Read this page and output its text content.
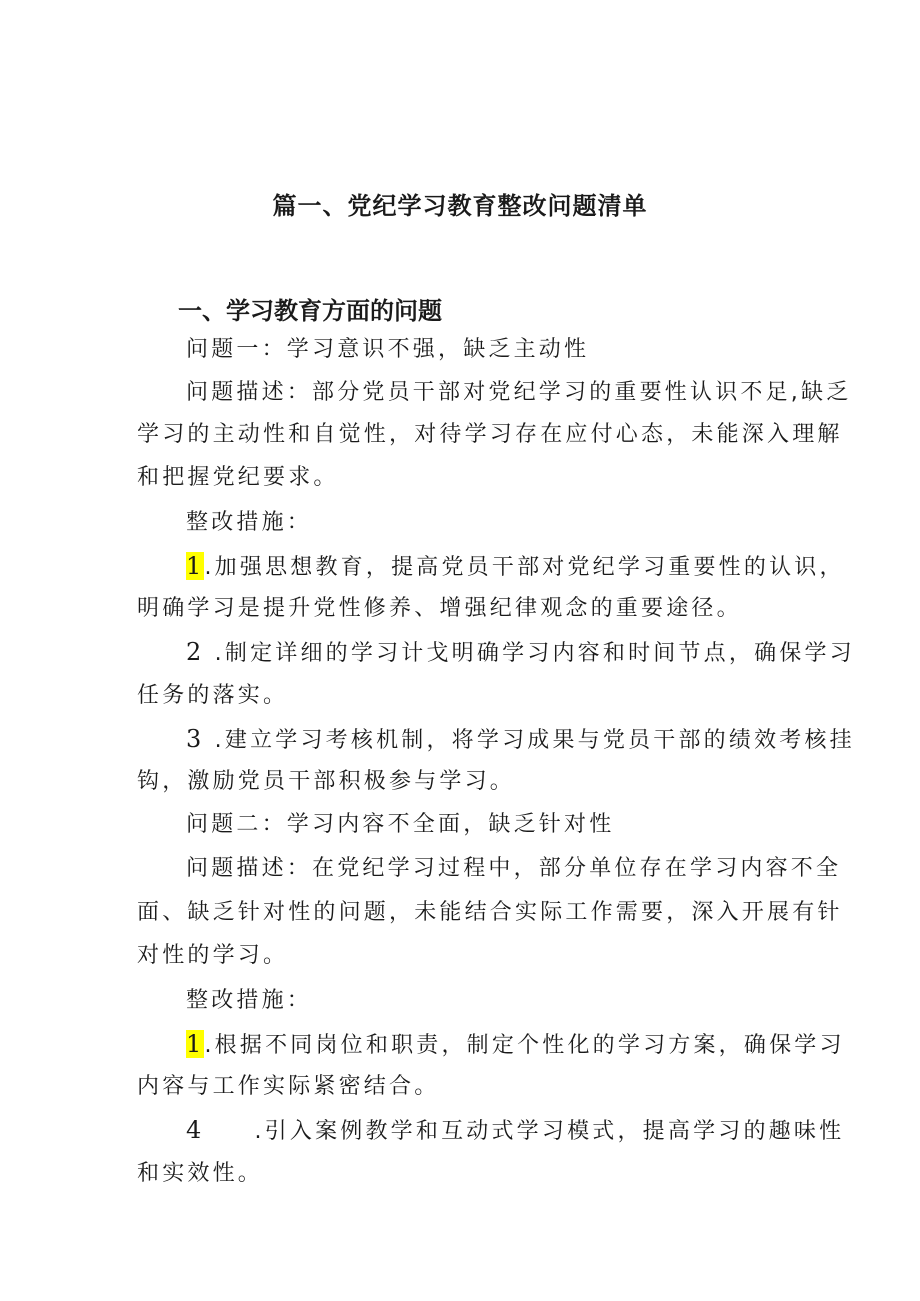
篇一、党纪学习教育整改问题清单
一、学习教育方面的问题
问题一：学习意识不强，缺乏主动性
问题描述：部分党员干部对党纪学习的重要性认识不足,缺乏
学习的主动性和自觉性，对待学习存在应付心态，未能深入理解
和把握党纪要求。
整改措施：
1.加强思想教育，提高党员干部对党纪学习重要性的认识，
明确学习是提升党性修养、增强纪律观念的重要途径。
2 .制定详细的学习计戈明确学习内容和时间节点，确保学习
任务的落实。
3 .建立学习考核机制，将学习成果与党员干部的绩效考核挂
钩，激励党员干部积极参与学习。
问题二：学习内容不全面，缺乏针对性
问题描述：在党纪学习过程中，部分单位存在学习内容不全
面、缺乏针对性的问题，未能结合实际工作需要，深入开展有针
对性的学习。
整改措施：
1.根据不同岗位和职责，制定个性化的学习方案，确保学习
内容与工作实际紧密结合。
4 .引入案例教学和互动式学习模式，提高学习的趣味性
和实效性。
